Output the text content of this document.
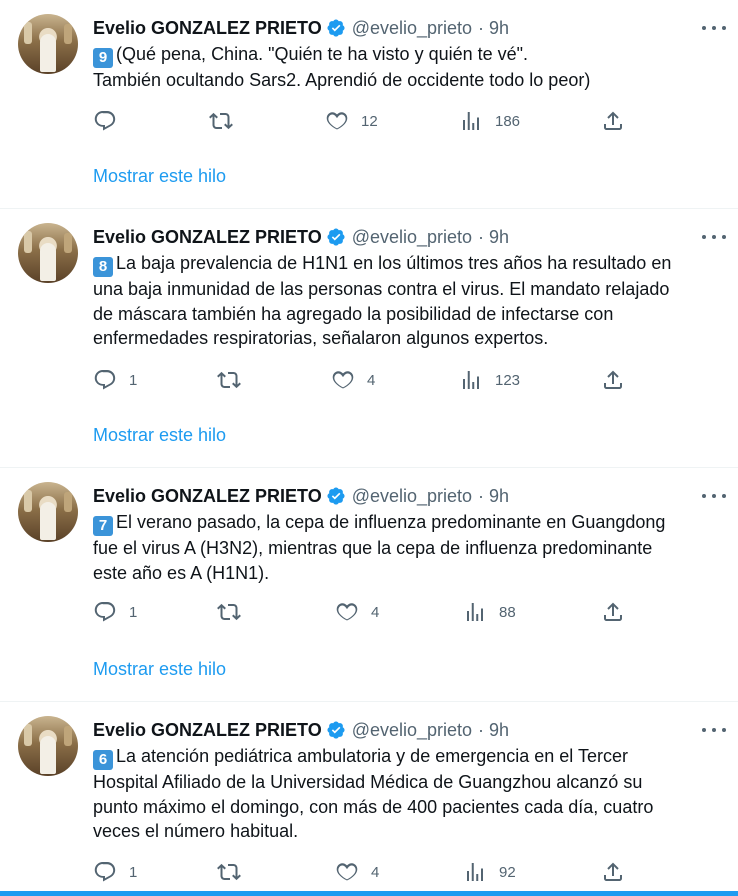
Evelio GONZALEZ PRIETO @evelio_prieto · 9h
9 (Qué pena, China. "Quién te ha visto y quién te vé".
También ocultando Sars2. Aprendió de occidente todo lo peor)
12	186
Mostrar este hilo
Evelio GONZALEZ PRIETO @evelio_prieto · 9h
8 La baja prevalencia de H1N1 en los últimos tres años ha resultado en
una baja inmunidad de las personas contra el virus. El mandato relajado
de máscara también ha agregado la posibilidad de infectarse con
enfermedades respiratorias, señalaron algunos expertos.
1	4	123
Mostrar este hilo
Evelio GONZALEZ PRIETO @evelio_prieto · 9h
7 El verano pasado, la cepa de influenza predominante en Guangdong
fue el virus A (H3N2), mientras que la cepa de influenza predominante
este año es A (H1N1).
1	4	88
Mostrar este hilo
Evelio GONZALEZ PRIETO @evelio_prieto · 9h
6 La atención pediátrica ambulatoria y de emergencia en el Tercer
Hospital Afiliado de la Universidad Médica de Guangzhou alcanzó su
punto máximo el domingo, con más de 400 pacientes cada día, cuatro
veces el número habitual.
1	4	92
